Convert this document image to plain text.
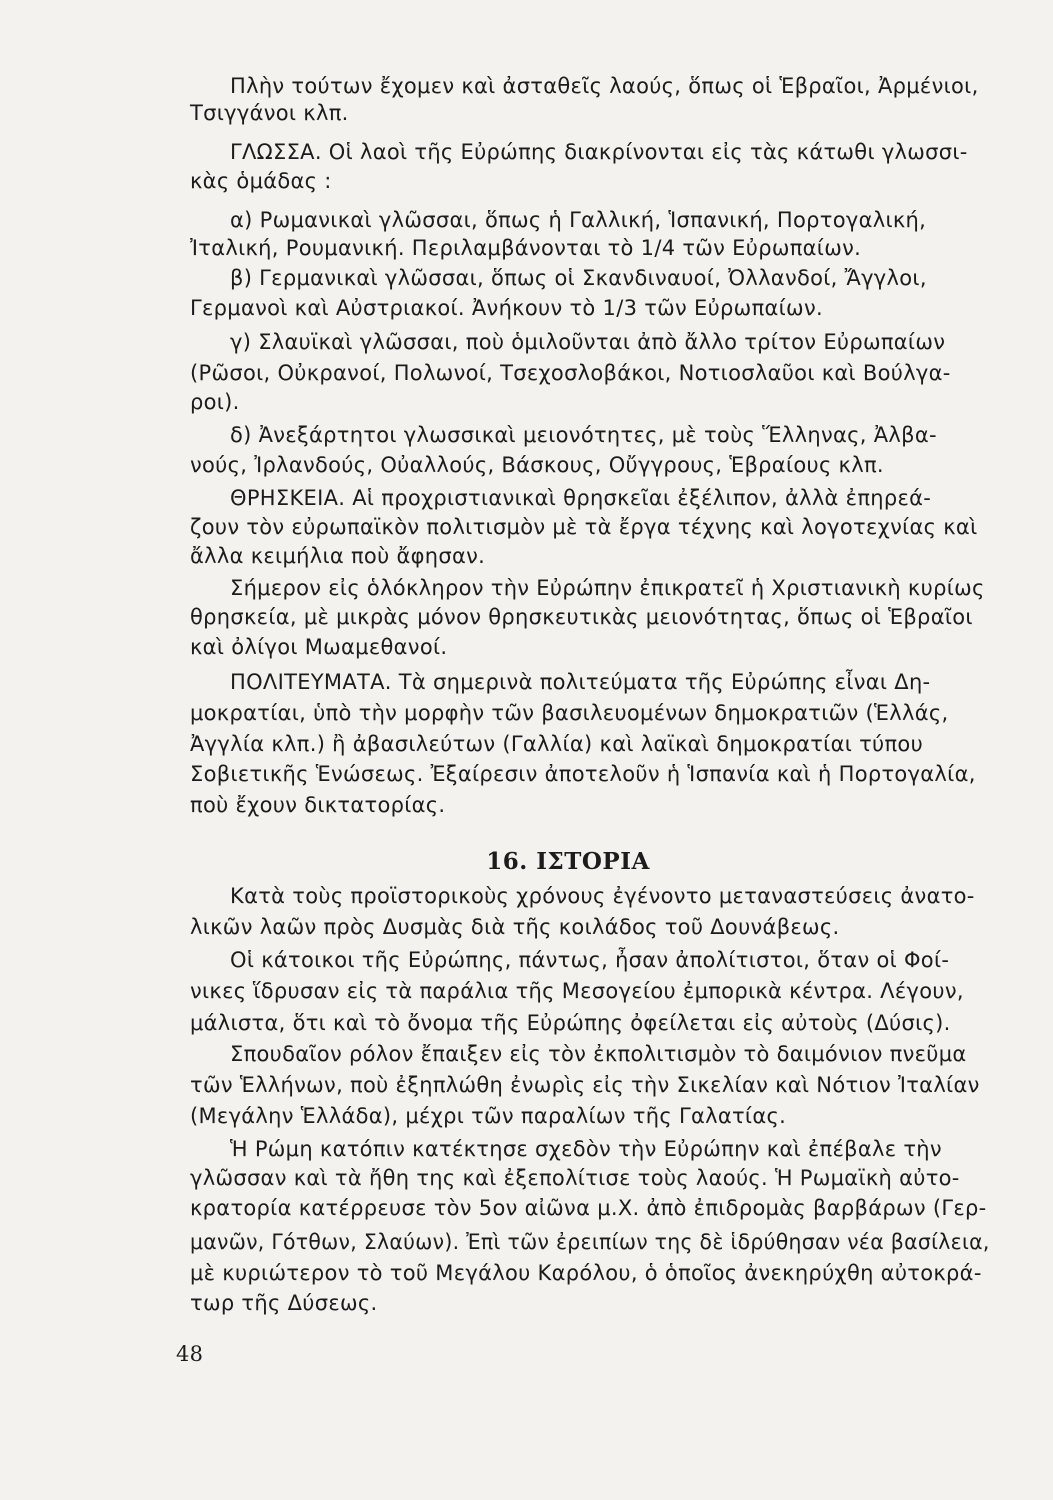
Πλὴν τούτων ἔχομεν καὶ ἀσταθεῖς λαούς, ὅπως οἱ Ἑβραῖοι, Ἀρμένιοι,
Τσιγγάνοι κλπ.
ΓΛΩΣΣΑ. Οἱ λαοὶ τῆς Εὐρώπης διακρίνονται εἰς τὰς κάτωθι γλωσσι-
κὰς ὁμάδας :
α) Ρωμανικαὶ γλῶσσαι, ὅπως ἡ Γαλλική, Ἱσπανική, Πορτογαλική,
Ἰταλική, Ρουμανική. Περιλαμβάνονται τὸ 1/4 τῶν Εὐρωπαίων.
β) Γερμανικαὶ γλῶσσαι, ὅπως οἱ Σκανδιναυοί, Ὀλλανδοί, Ἄγγλοι,
Γερμανοὶ καὶ Αὐστριακοί. Ἀνήκουν τὸ 1/3 τῶν Εὐρωπαίων.
γ) Σλαυϊκαὶ γλῶσσαι, ποὺ ὁμιλοῦνται ἀπὸ ἄλλο τρίτον Εὐρωπαίων
(Ρῶσοι, Οὐκρανοί, Πολωνοί, Τσεχοσλοβάκοι, Νοτιοσλαῦοι καὶ Βούλγα-
ροι).
δ) Ἀνεξάρτητοι γλωσσικαὶ μειονότητες, μὲ τοὺς Ἕλληνας, Ἀλβα-
νούς, Ἰρλανδούς, Οὐαλλούς, Βάσκους, Οὔγγρους, Ἑβραίους κλπ.
ΘΡΗΣΚΕΙΑ. Αἱ προχριστιανικαὶ θρησκεῖαι ἐξέλιπον, ἀλλὰ ἐπηρεά-
ζουν τὸν εὐρωπαϊκὸν πολιτισμὸν μὲ τὰ ἔργα τέχνης καὶ λογοτεχνίας καὶ
ἄλλα κειμήλια ποὺ ἄφησαν.
Σήμερον εἰς ὁλόκληρον τὴν Εὐρώπην ἐπικρατεῖ ἡ Χριστιανικὴ κυρίως
θρησκεία, μὲ μικρὰς μόνον θρησκευτικὰς μειονότητας, ὅπως οἱ Ἑβραῖοι
καὶ ὀλίγοι Μωαμεθανοί.
ΠΟΛΙΤΕΥΜΑΤΑ. Τὰ σημερινὰ πολιτεύματα τῆς Εὐρώπης εἶναι Δη-
μοκρατίαι, ὑπὸ τὴν μορφὴν τῶν βασιλευομένων δημοκρατιῶν (Ἑλλάς,
Ἀγγλία κλπ.) ἢ ἀβασιλεύτων (Γαλλία) καὶ λαϊκαὶ δημοκρατίαι τύπου
Σοβιετικῆς Ἑνώσεως. Ἐξαίρεσιν ἀποτελοῦν ἡ Ἱσπανία καὶ ἡ Πορτογαλία,
ποὺ ἔχουν δικτατορίας.
16. ΙΣΤΟΡΙΑ
Κατὰ τοὺς προϊστορικοὺς χρόνους ἐγένοντο μεταναστεύσεις ἀνατο-
λικῶν λαῶν πρὸς Δυσμὰς διὰ τῆς κοιλάδος τοῦ Δουνάβεως.
Οἱ κάτοικοι τῆς Εὐρώπης, πάντως, ἦσαν ἀπολίτιστοι, ὅταν οἱ Φοί-
νικες ἵδρυσαν εἰς τὰ παράλια τῆς Μεσογείου ἐμπορικὰ κέντρα. Λέγουν,
μάλιστα, ὅτι καὶ τὸ ὄνομα τῆς Εὐρώπης ὀφείλεται εἰς αὐτοὺς (Δύσις).
Σπουδαῖον ρόλον ἔπαιξεν εἰς τὸν ἐκπολιτισμὸν τὸ δαιμόνιον πνεῦμα
τῶν Ἑλλήνων, ποὺ ἐξηπλώθη ἐνωρὶς εἰς τὴν Σικελίαν καὶ Νότιον Ἰταλίαν
(Μεγάλην Ἑλλάδα), μέχρι τῶν παραλίων τῆς Γαλατίας.
Ἡ Ρώμη κατόπιν κατέκτησε σχεδὸν τὴν Εὐρώπην καὶ ἐπέβαλε τὴν
γλῶσσαν καὶ τὰ ἤθη της καὶ ἐξεπολίτισε τοὺς λαούς. Ἡ Ρωμαϊκὴ αὐτο-
κρατορία κατέρρευσε τὸν 5ον αἰῶνα μ.Χ. ἀπὸ ἐπιδρομὰς βαρβάρων (Γερ-
μανῶν, Γότθων, Σλαύων). Ἐπὶ τῶν ἐρειπίων της δὲ ἱδρύθησαν νέα βασίλεια,
μὲ κυριώτερον τὸ τοῦ Μεγάλου Καρόλου, ὁ ὁποῖος ἀνεκηρύχθη αὐτοκρά-
τωρ τῆς Δύσεως.
48
